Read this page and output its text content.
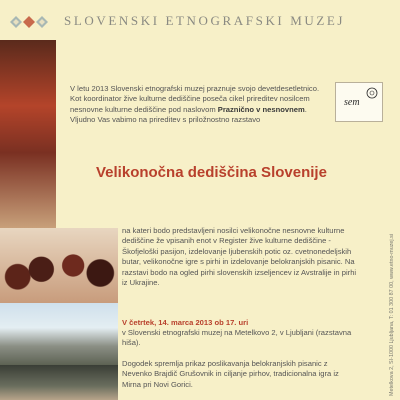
SLOVENSKI ETNOGRAFSKI MUZEJ
sem
V letu 2013 Slovenski etnografski muzej praznuje svojo devetdesetletnico. Kot koordinator žive kulturne dediščine poseča cikel prireditev nosilcem nesnovne kulturne dediščine pod naslovom Praznično v nesnovnem. Vljudno Vas vabimo na prireditev s priložnostno razstavo
Velikonočna dediščina Slovenije
na kateri bodo predstavljeni nosilci velikonočne nesnovne kulturne dediščine že vpisanih enot v Register žive kulturne dediščine - Škofjeloški pasijon, izdelovanje ljubenskih potic oz. cvetnonedeljskih butar, velikonočne igre s pirhi in izdelovanje belokranjskih pisanic. Na razstavi bodo na ogled pirhi slovenskih izseljencev iz Avstralije in pirhi iz Ukrajine.
V četrtek, 14. marca 2013 ob 17. uri
v Slovenski etnografski muzej na Metelkovo 2, v Ljubljani (razstavna hiša).
Dogodek spremlja prikaz poslikavanja belokranjskih pisanic z Nevenko Brajdič Grušovnik in ciljanje pirhov, tradicionalna igra iz Mirna pri Novi Gorici.	Metelkova 2, SI-1000 Ljubljana, T: 01 300 87 00, www.etno-muzej.si
